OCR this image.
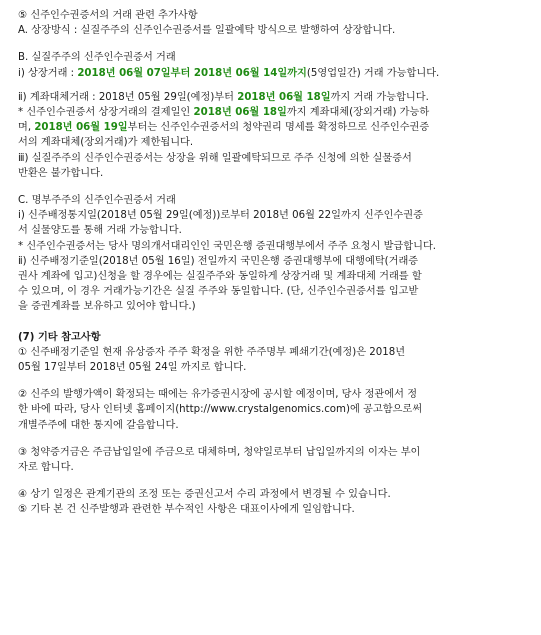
⑤ 신주인수권증서의 거래 관련 추가사항
A. 상장방식 : 실질주주의 신주인수권증서를 일괄예탁 방식으로 발행하여 상장합니다.
B. 실질주주의 신주인수권증서 거래
ⅰ) 상장거래 : 2018년 06월 07일부터 2018년 06월 14일까지(5영업일간) 거래 가능합니다.
ⅱ) 계좌대체거래 : 2018년 05월 29일(예정)부터 2018년 06월 18일까지 거래 가능합니다.
* 신주인수권증서 상장거래의 결제일인 2018년 06월 18일까지 계좌대체(장외거래) 가능하
며, 2018년 06월 19일부터는 신주인수권증서의 청약권리 명세를 확정하므로 신주인수권증
서의 계좌대체(장외거래)가 제한됩니다.
ⅲ) 실질주주의 신주인수권증서는 상장을 위해 일괄예탁되므로 주주 신청에 의한 실물증서
반환은 불가합니다.
C. 명부주주의 신주인수권증서 거래
ⅰ) 신주배정통지일(2018년 05월 29일(예정))로부터 2018년 06월 22일까지 신주인수권증
서 실물양도를 통해 거래 가능합니다.
* 신주인수권증서는 당사 명의개서대리인인 국민은행 증권대행부에서 주주 요청시 발급합니다.
ⅱ) 신주배정기준일(2018년 05월 16일) 전일까지 국민은행 증권대행부에 대행예탁(거래증
권사 계좌에 입고)신청을 할 경우에는 실질주주와 동일하게 상장거래 및 계좌대체 거래를 할
수 있으며, 이 경우 거래가능기간은 실질 주주와 동일합니다. (단, 신주인수권증서를 입고받
을 증권계좌를 보유하고 있어야 합니다.)
(7) 기타 참고사항
① 신주배정기준일 현재 유상증자 주주 확정을 위한 주주명부 폐쇄기간(예정)은 2018년
05월 17일부터 2018년 05월 24일 까지로 합니다.
② 신주의 발행가액이 확정되는 때에는 유가증권시장에 공시할 예정이며, 당사 정관에서 정
한 바에 따라, 당사 인터넷 홈페이지(http://www.crystalgenomics.com)에 공고함으로써
개별주주에 대한 통지에 갈음합니다.
③ 청약증거금은 주금납입일에 주금으로 대체하며, 청약일로부터 납입일까지의 이자는 부이
자로 합니다.
④ 상기 일정은 관계기관의 조정 또는 증권신고서 수리 과정에서 변경될 수 있습니다.
⑤ 기타 본 건 신주발행과 관련한 부수적인 사항은 대표이사에게 일임합니다.
